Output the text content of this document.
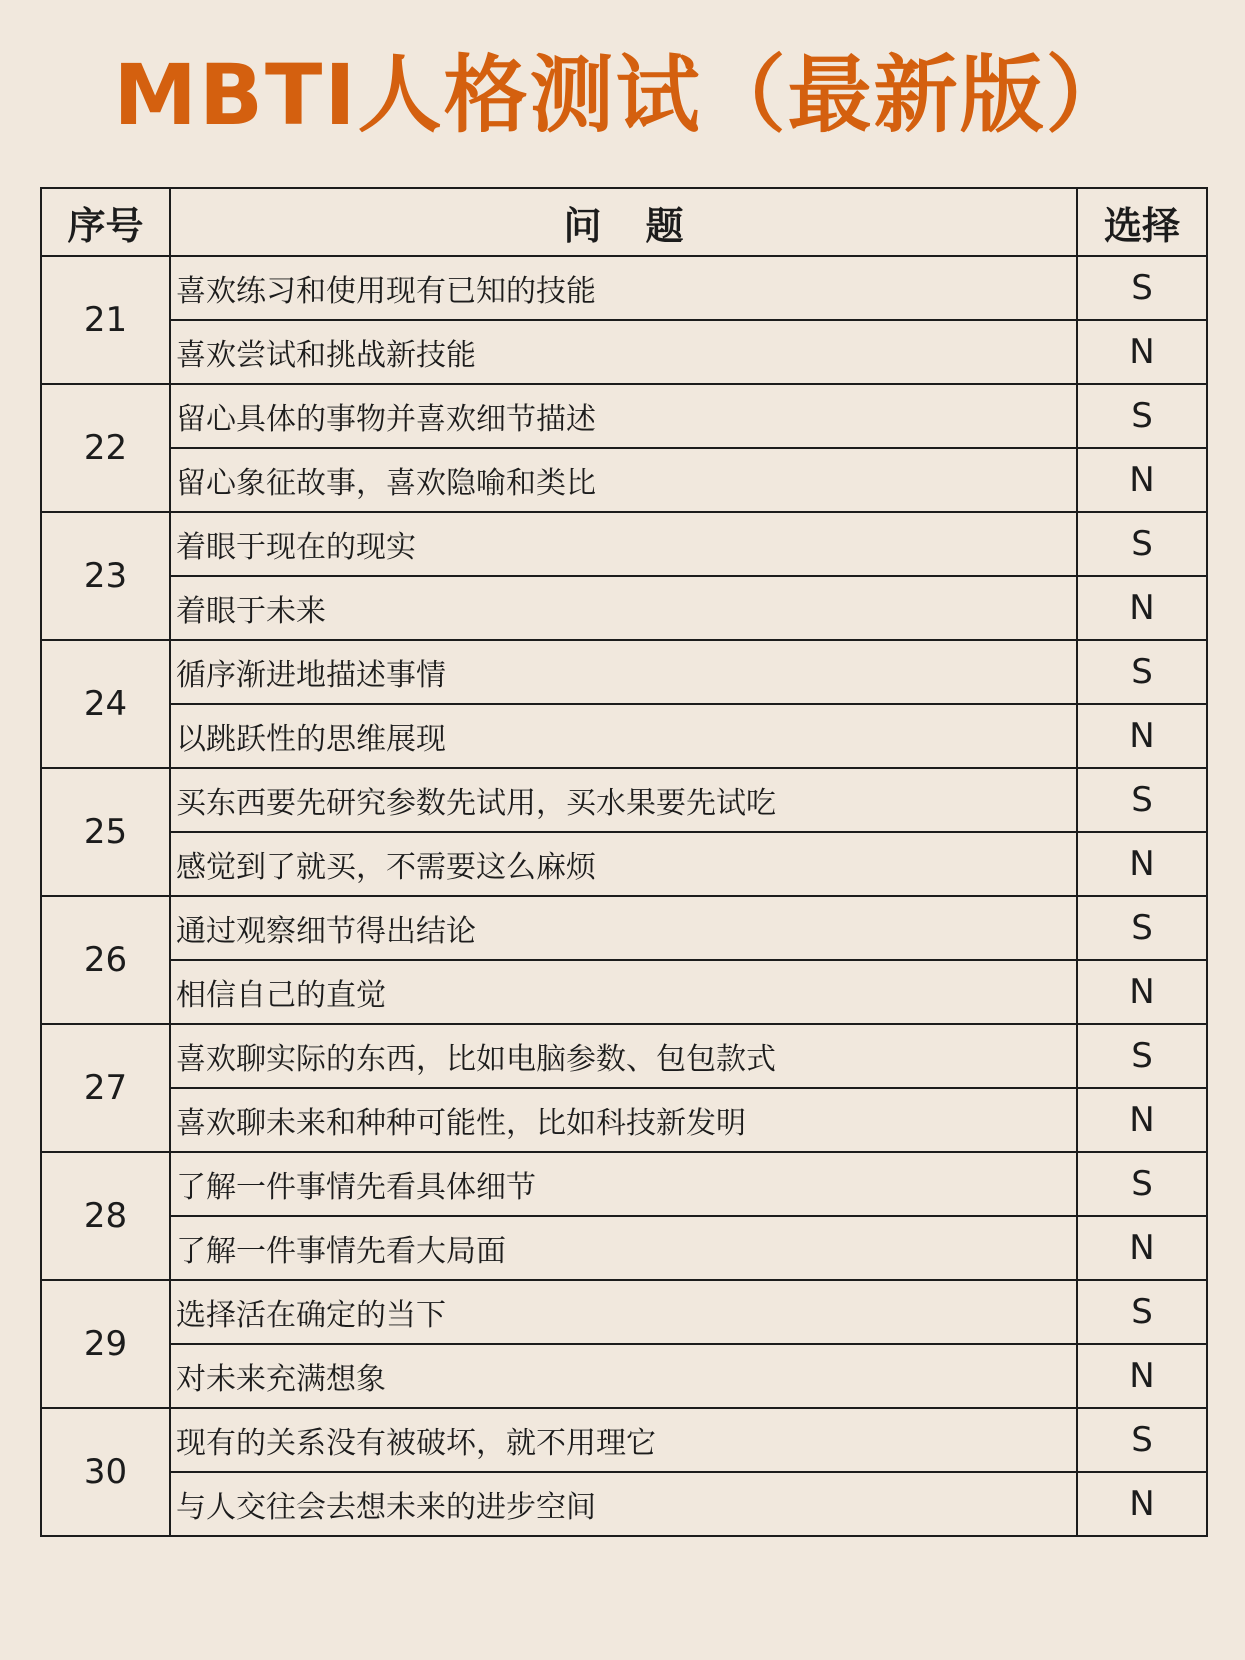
MBTI人格测试（最新版）
序号	问题	选择
21	喜欢练习和使用现有已知的技能	S
	喜欢尝试和挑战新技能	N
22	留心具体的事物并喜欢细节描述	S
	留心象征故事，喜欢隐喻和类比	N
23	着眼于现在的现实	S
	着眼于未来	N
24	循序渐进地描述事情	S
	以跳跃性的思维展现	N
25	买东西要先研究参数先试用，买水果要先试吃	S
	感觉到了就买，不需要这么麻烦	N
26	通过观察细节得出结论	S
	相信自己的直觉	N
27	喜欢聊实际的东西，比如电脑参数、包包款式	S
	喜欢聊未来和种种可能性，比如科技新发明	N
28	了解一件事情先看具体细节	S
	了解一件事情先看大局面	N
29	选择活在确定的当下	S
	对未来充满想象	N
30	现有的关系没有被破坏，就不用理它	S
	与人交往会去想未来的进步空间	N
